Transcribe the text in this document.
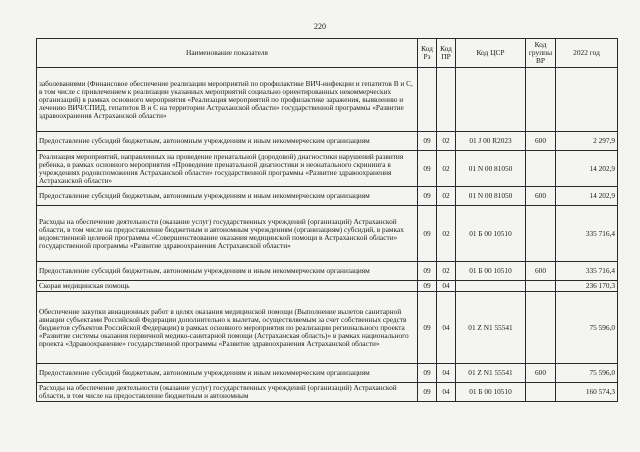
220
Наименование показателя	Код Рз	Код ПР	Код ЦСР	Код группы ВР	2022 год
заболеваниями (Финансовое обеспечение реализации мероприятий по профилактике ВИЧ-инфекции и гепатитов В и С, в том числе с привлечением к реализации указанных мероприятий социально ориентированных некоммерческих организаций) в рамках основного мероприятия «Реализация мероприятий по профилактике заражения, выявлению и лечению ВИЧ/СПИД, гепатитов В и С на территории Астраханской области» государственной программы «Развитие здравоохранения Астраханской области»					
Предоставление субсидий бюджетным, автономным учреждениям и иным некоммерческим организациям	09	02	01 J 00 R2023	600	2 297,9
Реализация мероприятий, направленных на проведение пренатальной (дородовой) диагностики нарушений развития ребенка, в рамках основного мероприятия «Проведение пренатальной диагностики и неонатального скрининга в учреждениях родовспоможения Астраханской области» государственной программы «Развитие здравоохранения Астраханской области»	09	02	01 N 00 81050		14 202,9
Предоставление субсидий бюджетным, автономным учреждениям и иным некоммерческим организациям	09	02	01 N 00 81050	600	14 202,9
Расходы на обеспечение деятельности (оказание услуг) государственных учреждений (организаций) Астраханской области, в том числе на предоставление бюджетным и автономным учреждениям (организациям) субсидий, в рамках ведомственной целевой программы «Совершенствование оказания медицинской помощи в Астраханской области» государственной программы «Развитие здравоохранения Астраханской области»	09	02	01 Б 00 10510		335 716,4
Предоставление субсидий бюджетным, автономным учреждениям и иным некоммерческим организациям	09	02	01 Б 00 10510	600	335 716,4
Скорая медицинская помощь	09	04			236 170,3
Обеспечение закупки авиационных работ в целях оказания медицинской помощи (Выполнение вылетов санитарной авиации субъектами Российской Федерации дополнительно к вылетам, осуществляемым за счет собственных средств бюджетов субъектов Российской Федерации) в рамках основного мероприятия по реализации регионального проекта «Развитие системы оказания первичной медико-санитарной помощи (Астраханская область)» в рамках национального проекта «Здравоохранение» государственной программы «Развитие здравоохранения Астраханской области»	09	04	01 Z N1 55541		75 596,0
Предоставление субсидий бюджетным, автономным учреждениям и иным некоммерческим организациям	09	04	01 Z N1 55541	600	75 596,0
Расходы на обеспечение деятельности (оказание услуг) государственных учреждений (организаций) Астраханской области, в том числе на предоставление бюджетным и автономным	09	04	01 Б 00 10510		160 574,3
